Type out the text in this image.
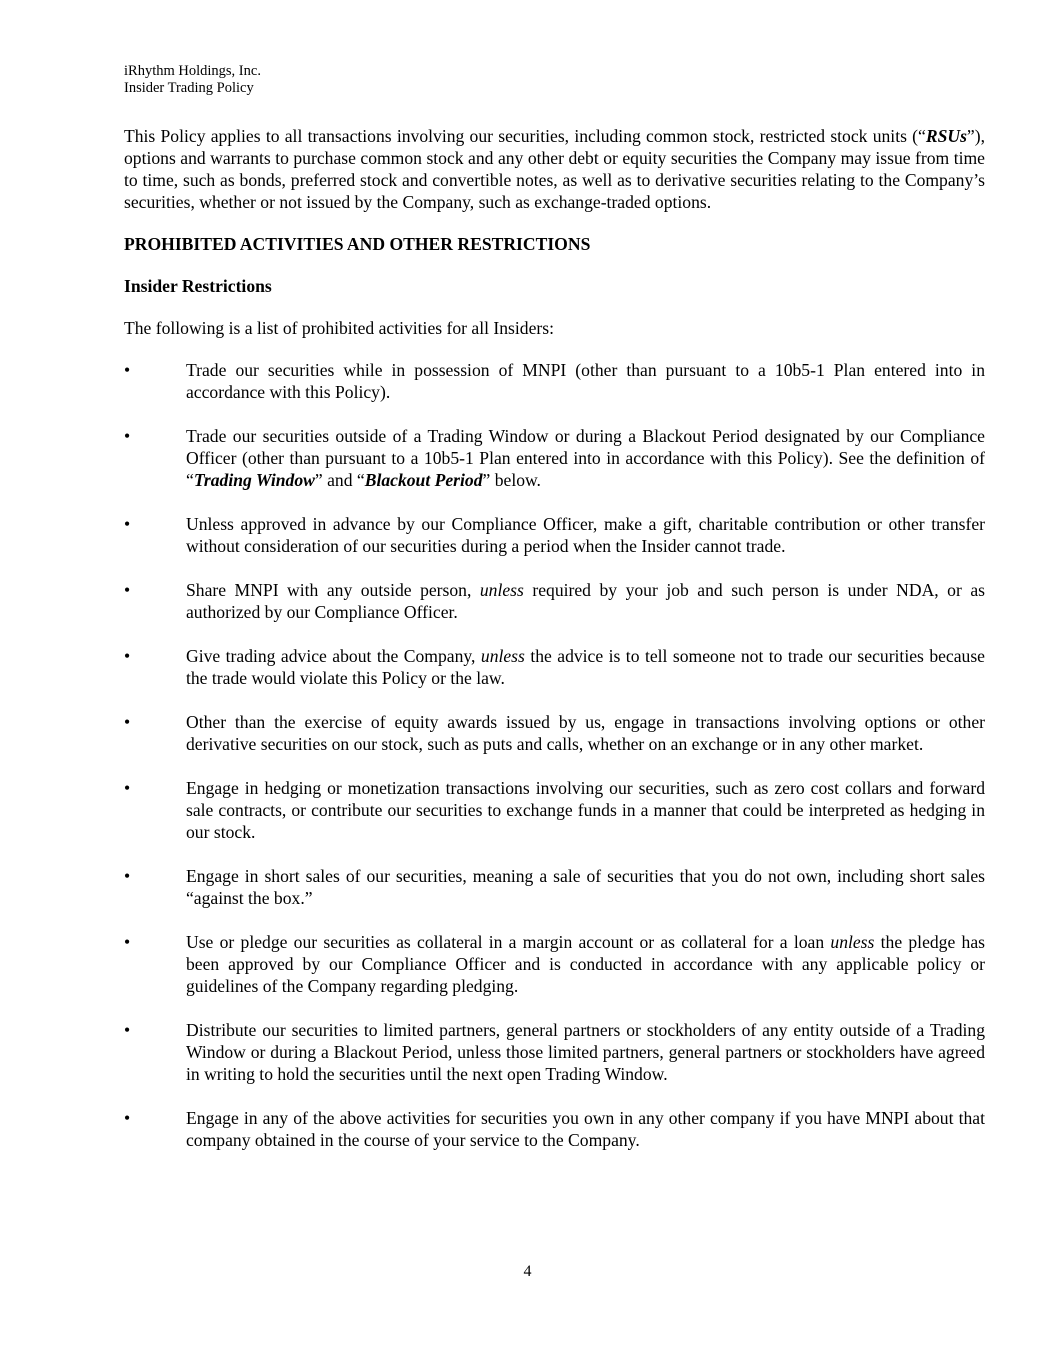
iRhythm Holdings, Inc.
Insider Trading Policy

This Policy applies to all transactions involving our securities, including common stock, restricted stock units (“RSUs”), options and warrants to purchase common stock and any other debt or equity securities the Company may issue from time to time, such as bonds, preferred stock and convertible notes, as well as to derivative securities relating to the Company’s securities, whether or not issued by the Company, such as exchange-traded options.

PROHIBITED ACTIVITIES AND OTHER RESTRICTIONS

Insider Restrictions

The following is a list of prohibited activities for all Insiders:

•	Trade our securities while in possession of MNPI (other than pursuant to a 10b5-1 Plan entered into in accordance with this Policy).
•	Trade our securities outside of a Trading Window or during a Blackout Period designated by our Compliance Officer (other than pursuant to a 10b5-1 Plan entered into in accordance with this Policy). See the definition of “Trading Window” and “Blackout Period” below.
•	Unless approved in advance by our Compliance Officer, make a gift, charitable contribution or other transfer without consideration of our securities during a period when the Insider cannot trade.
•	Share MNPI with any outside person, unless required by your job and such person is under NDA, or as authorized by our Compliance Officer.
•	Give trading advice about the Company, unless the advice is to tell someone not to trade our securities because the trade would violate this Policy or the law.
•	Other than the exercise of equity awards issued by us, engage in transactions involving options or other derivative securities on our stock, such as puts and calls, whether on an exchange or in any other market.
•	Engage in hedging or monetization transactions involving our securities, such as zero cost collars and forward sale contracts, or contribute our securities to exchange funds in a manner that could be interpreted as hedging in our stock.
•	Engage in short sales of our securities, meaning a sale of securities that you do not own, including short sales “against the box.”
•	Use or pledge our securities as collateral in a margin account or as collateral for a loan unless the pledge has been approved by our Compliance Officer and is conducted in accordance with any applicable policy or guidelines of the Company regarding pledging.
•	Distribute our securities to limited partners, general partners or stockholders of any entity outside of a Trading Window or during a Blackout Period, unless those limited partners, general partners or stockholders have agreed in writing to hold the securities until the next open Trading Window.
•	Engage in any of the above activities for securities you own in any other company if you have MNPI about that company obtained in the course of your service to the Company.
4
